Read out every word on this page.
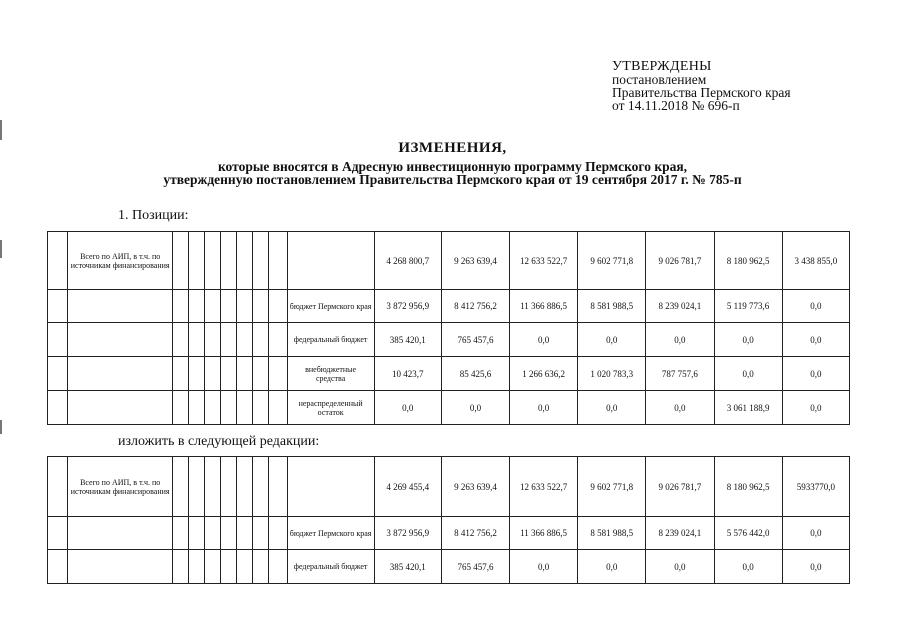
УТВЕРЖДЕНЫ
постановлением
Правительства Пермского края
от 14.11.2018 № 696-п
ИЗМЕНЕНИЯ,
которые вносятся в Адресную инвестиционную программу Пермского края,
утвержденную постановлением Правительства Пермского края от 19 сентября 2017 г. № 785-п
1. Позиции:
	Всего по АИП, в т.ч. по источникам финансирования									4 268 800,7	9 263 639,4	12 633 522,7	9 602 771,8	9 026 781,7	8 180 962,5	3 438 855,0
									бюджет Пермского края	3 872 956,9	8 412 756,2	11 366 886,5	8 581 988,5	8 239 024,1	5 119 773,6	0,0
									федеральный бюджет	385 420,1	765 457,6	0,0	0,0	0,0	0,0	0,0
									внебюджетные средства	10 423,7	85 425,6	1 266 636,2	1 020 783,3	787 757,6	0,0	0,0
									нераспределенный остаток	0,0	0,0	0,0	0,0	0,0	3 061 188,9	0,0
изложить в следующей редакции:
	Всего по АИП, в т.ч. по источникам финансирования									4 269 455,4	9 263 639,4	12 633 522,7	9 602 771,8	9 026 781,7	8 180 962,5	5933770,0
									бюджет Пермского края	3 872 956,9	8 412 756,2	11 366 886,5	8 581 988,5	8 239 024,1	5 576 442,0	0,0
									федеральный бюджет	385 420,1	765 457,6	0,0	0,0	0,0	0,0	0,0
